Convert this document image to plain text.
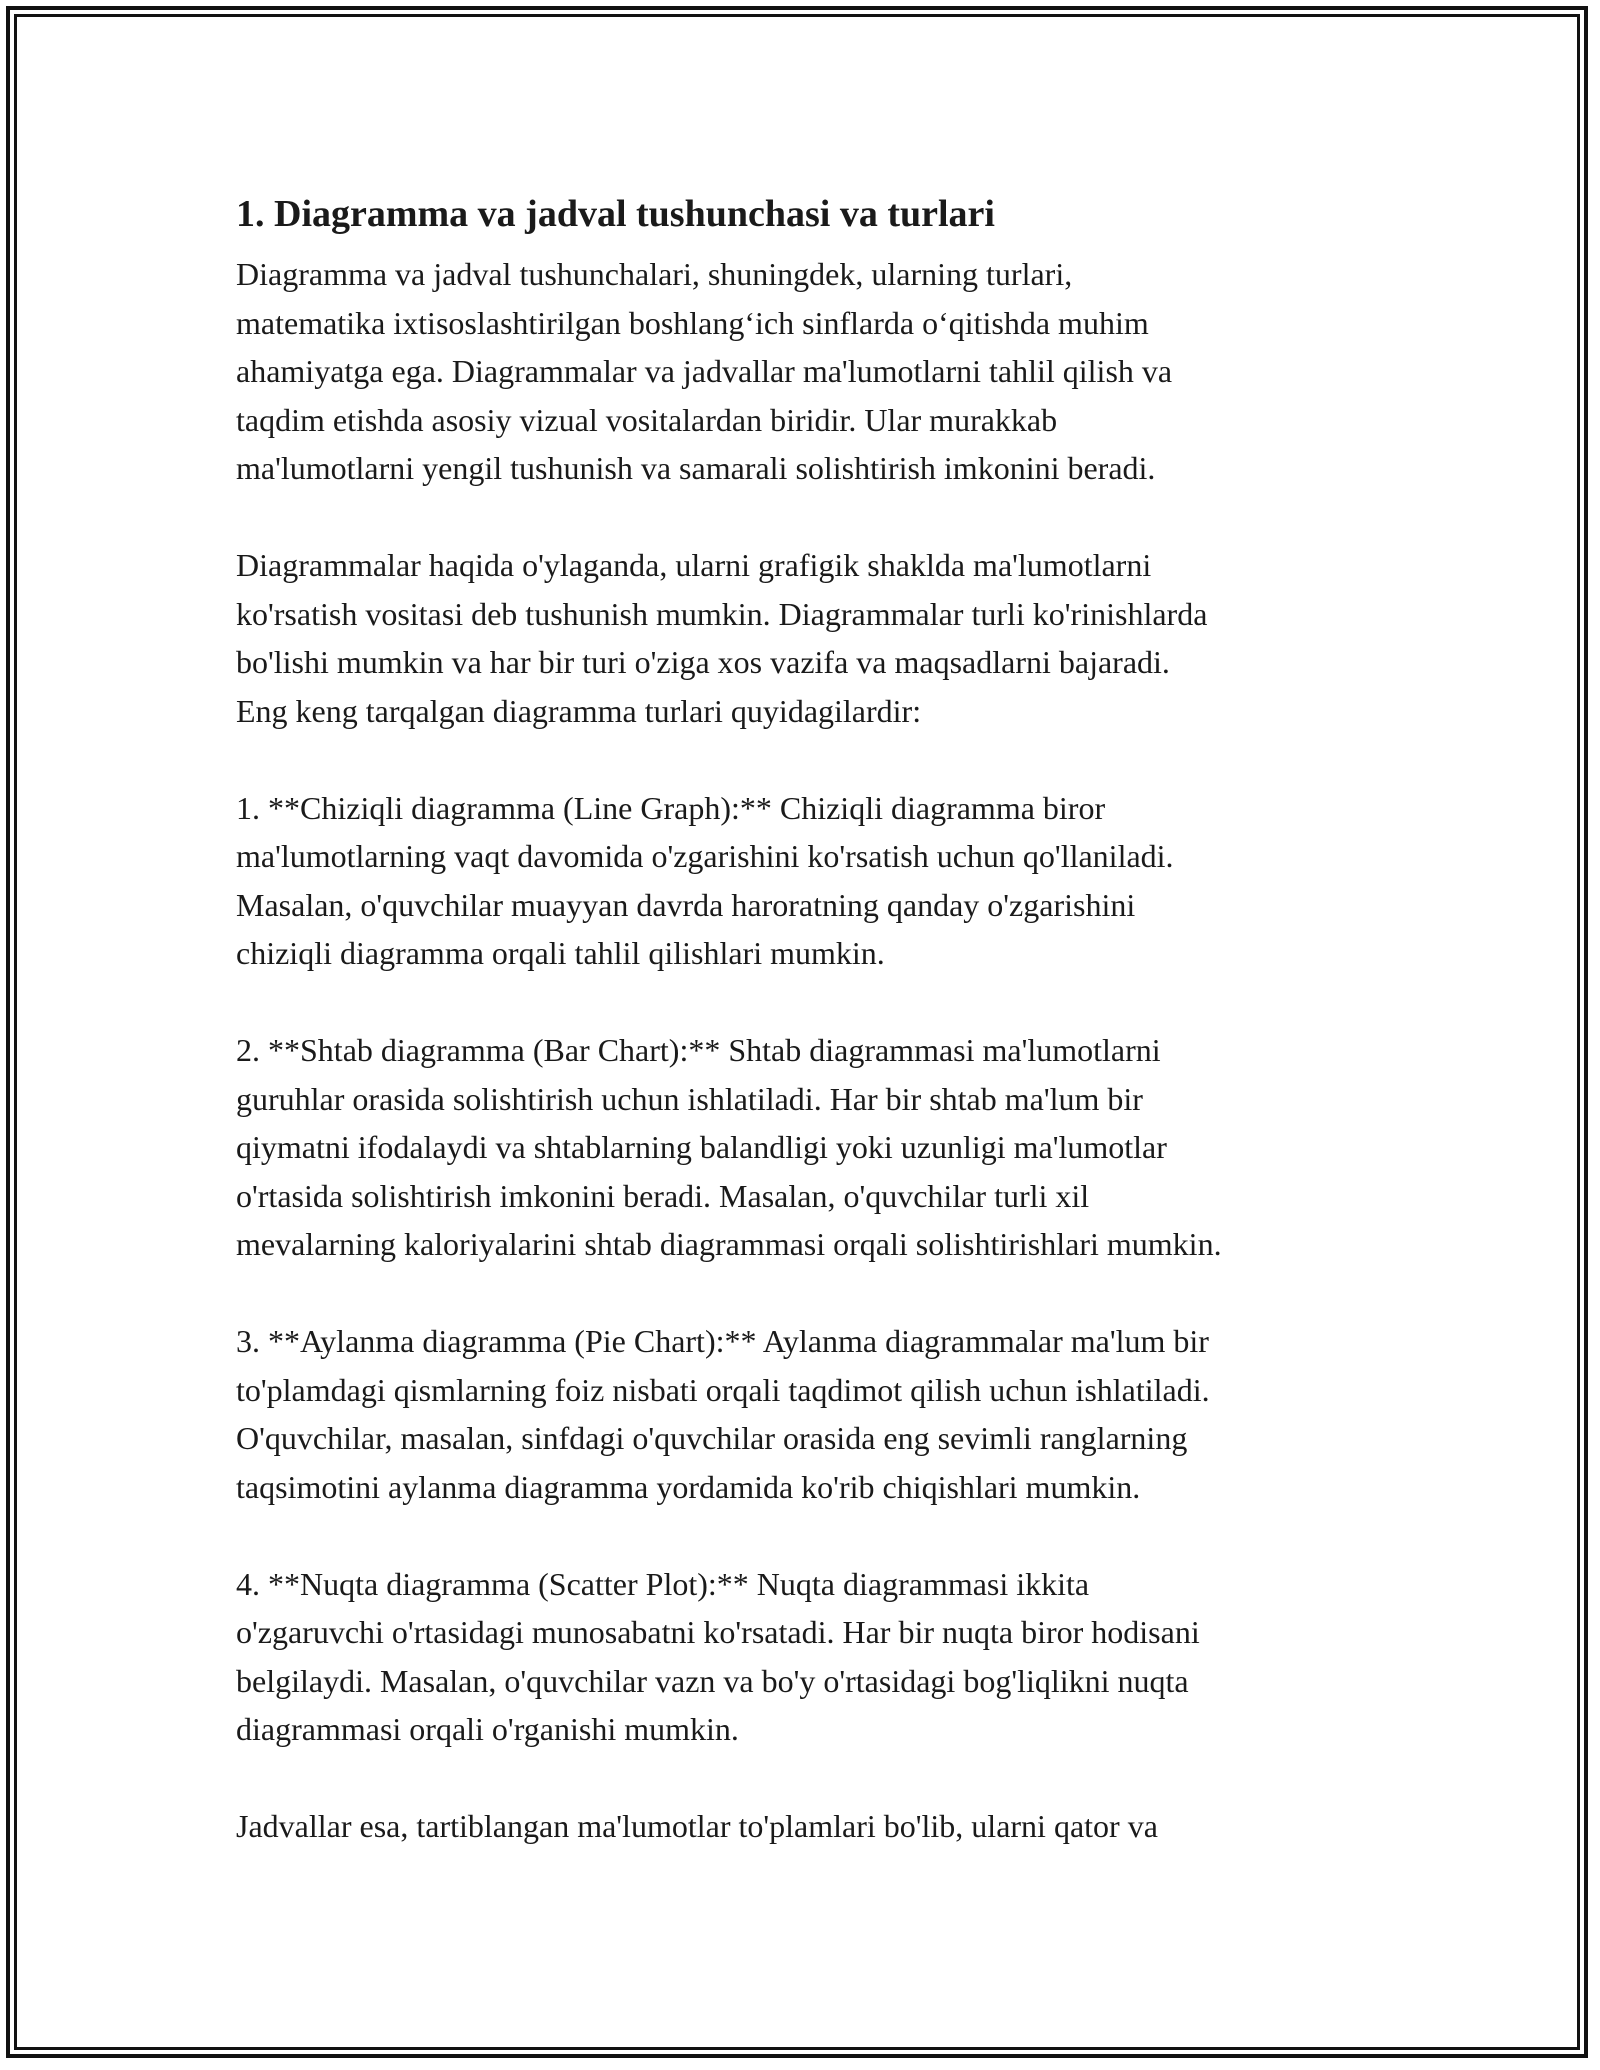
1. Diagramma va jadval tushunchasi va turlari
Diagramma va jadval tushunchalari, shuningdek, ularning turlari,
matematika ixtisoslashtirilgan boshlang‘ich sinflarda o‘qitishda muhim
ahamiyatga ega. Diagrammalar va jadvallar ma'lumotlarni tahlil qilish va
taqdim etishda asosiy vizual vositalardan biridir. Ular murakkab
ma'lumotlarni yengil tushunish va samarali solishtirish imkonini beradi.
Diagrammalar haqida o'ylaganda, ularni grafigik shaklda ma'lumotlarni
ko'rsatish vositasi deb tushunish mumkin. Diagrammalar turli ko'rinishlarda
bo'lishi mumkin va har bir turi o'ziga xos vazifa va maqsadlarni bajaradi.
Eng keng tarqalgan diagramma turlari quyidagilardir:
1. **Chiziqli diagramma (Line Graph):** Chiziqli diagramma biror
ma'lumotlarning vaqt davomida o'zgarishini ko'rsatish uchun qo'llaniladi.
Masalan, o'quvchilar muayyan davrda haroratning qanday o'zgarishini
chiziqli diagramma orqali tahlil qilishlari mumkin.
2. **Shtab diagramma (Bar Chart):** Shtab diagrammasi ma'lumotlarni
guruhlar orasida solishtirish uchun ishlatiladi. Har bir shtab ma'lum bir
qiymatni ifodalaydi va shtablarning balandligi yoki uzunligi ma'lumotlar
o'rtasida solishtirish imkonini beradi. Masalan, o'quvchilar turli xil
mevalarning kaloriyalarini shtab diagrammasi orqali solishtirishlari mumkin.
3. **Aylanma diagramma (Pie Chart):** Aylanma diagrammalar ma'lum bir
to'plamdagi qismlarning foiz nisbati orqali taqdimot qilish uchun ishlatiladi.
O'quvchilar, masalan, sinfdagi o'quvchilar orasida eng sevimli ranglarning
taqsimotini aylanma diagramma yordamida ko'rib chiqishlari mumkin.
4. **Nuqta diagramma (Scatter Plot):** Nuqta diagrammasi ikkita
o'zgaruvchi o'rtasidagi munosabatni ko'rsatadi. Har bir nuqta biror hodisani
belgilaydi. Masalan, o'quvchilar vazn va bo'y o'rtasidagi bog'liqlikni nuqta
diagrammasi orqali o'rganishi mumkin.
Jadvallar esa, tartiblangan ma'lumotlar to'plamlari bo'lib, ularni qator va
